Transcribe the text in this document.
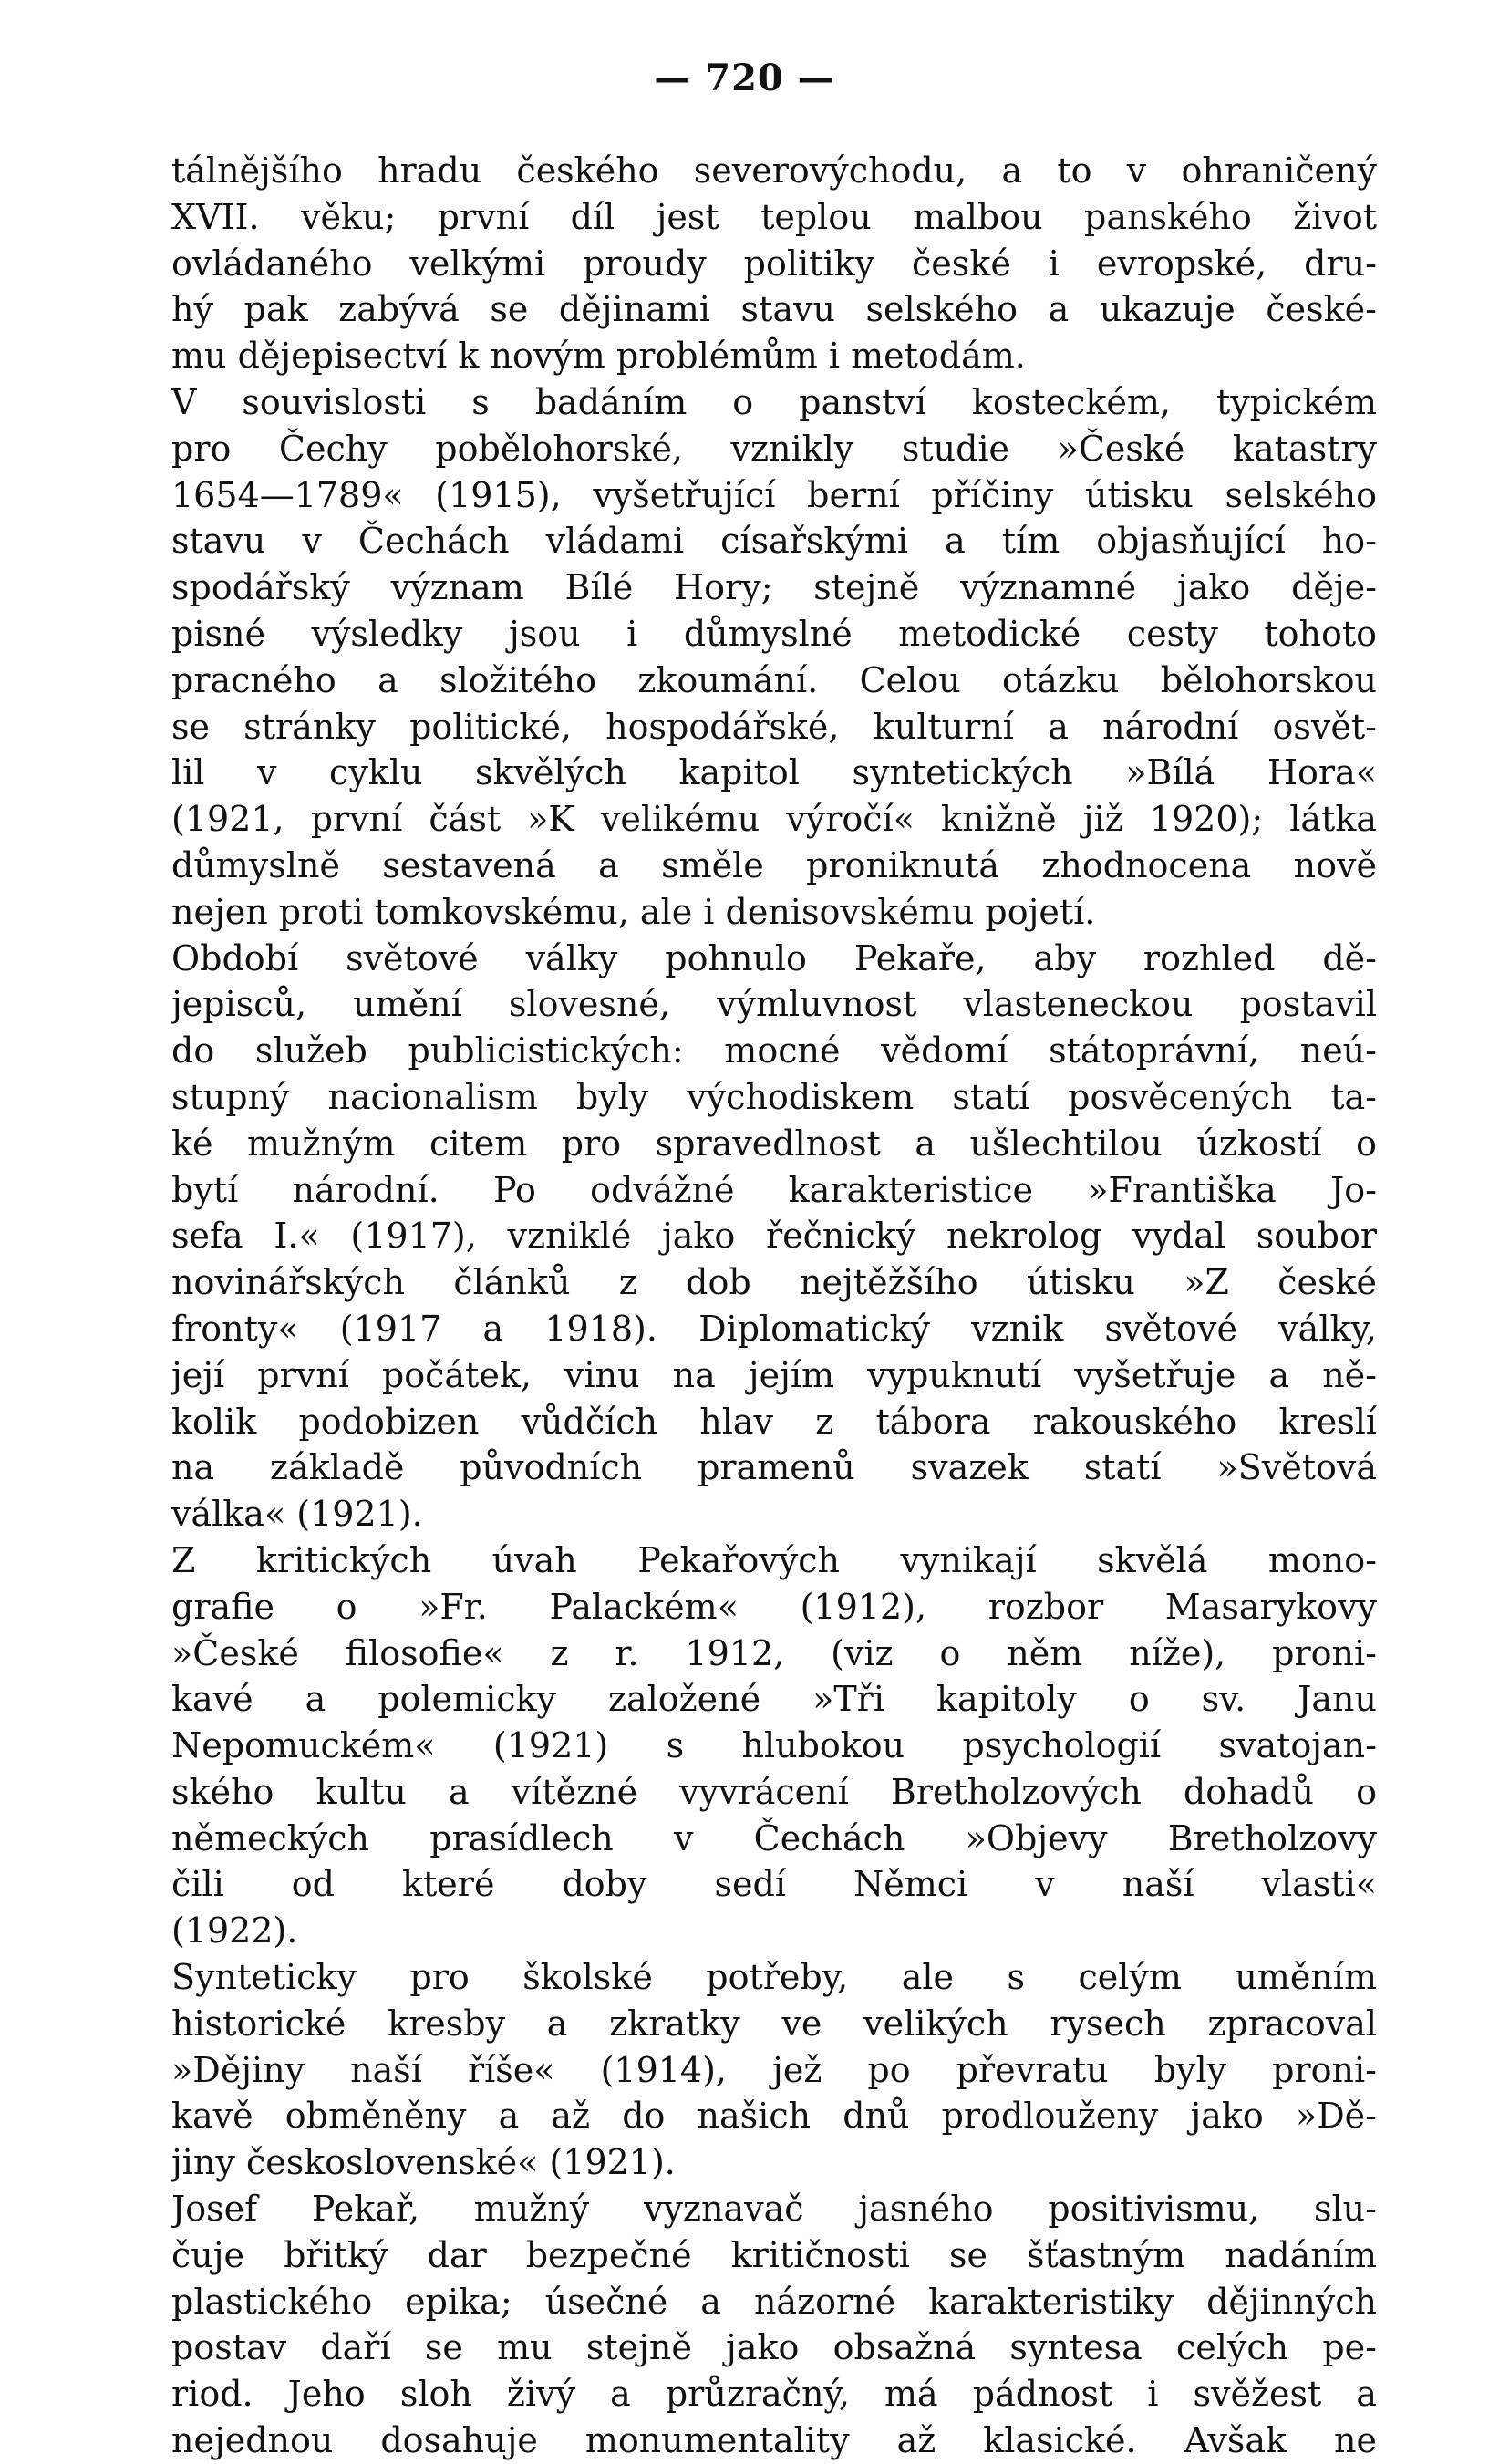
— 720 —
tálnějšího hradu českého severovýchodu, a to v ohraničený
XVII. věku; první díl jest teplou malbou panského život
ovládaného velkými proudy politiky české i evropské, dru-
hý pak zabývá se dějinami stavu selského a ukazuje české-
mu dějepisectví k novým problémům i metodám.
V souvislosti s badáním o panství kosteckém, typickém
pro Čechy pobělohorské, vznikly studie »České katastry
1654—1789« (1915), vyšetřující berní příčiny útisku selského
stavu v Čechách vládami císařskými a tím objasňující ho-
spodářský význam Bílé Hory; stejně významné jako děje-
pisné výsledky jsou i důmyslné metodické cesty tohoto
pracného a složitého zkoumání. Celou otázku bělohorskou
se stránky politické, hospodářské, kulturní a národní osvět-
lil v cyklu skvělých kapitol syntetických »Bílá Hora«
(1921, první část »K velikému výročí« knižně již 1920); látka
důmyslně sestavená a směle proniknutá zhodnocena nově
nejen proti tomkovskému, ale i denisovskému pojetí.
Období světové války pohnulo Pekaře, aby rozhled dě-
jepisců, umění slovesné, výmluvnost vlasteneckou postavil
do služeb publicistických: mocné vědomí státoprávní, neú-
stupný nacionalism byly východiskem statí posvěcených ta-
ké mužným citem pro spravedlnost a ušlechtilou úzkostí o
bytí národní. Po odvážné karakteristice »Františka Jo-
sefa I.« (1917), vzniklé jako řečnický nekrolog vydal soubor
novinářských článků z dob nejtěžšího útisku »Z české
fronty« (1917 a 1918). Diplomatický vznik světové války,
její první počátek, vinu na jejím vypuknutí vyšetřuje a ně-
kolik podobizen vůdčích hlav z tábora rakouského kreslí
na základě původních pramenů svazek statí »Světová
válka« (1921).
Z kritických úvah Pekařových vynikají skvělá mono-
grafie o »Fr. Palackém« (1912), rozbor Masarykovy
»České filosofie« z r. 1912, (viz o něm níže), proni-
kavé a polemicky založené »Tři kapitoly o sv. Janu
Nepomuckém« (1921) s hlubokou psychologií svatojan-
ského kultu a vítězné vyvrácení Bretholzových dohadů o
německých prasídlech v Čechách »Objevy Bretholzovy
čili od které doby sedí Němci v naší vlasti«
(1922).
Synteticky pro školské potřeby, ale s celým uměním
historické kresby a zkratky ve velikých rysech zpracoval
»Dějiny naší říše« (1914), jež po převratu byly proni-
kavě obměněny a až do našich dnů prodlouženy jako »Dě-
jiny československé« (1921).
Josef Pekař, mužný vyznavač jasného positivismu, slu-
čuje břitký dar bezpečné kritičnosti se šťastným nadáním
plastického epika; úsečné a názorné karakteristiky dějinných
postav daří se mu stejně jako obsažná syntesa celých pe-
riod. Jeho sloh živý a průzračný, má pádnost i svěžest a
nejednou dosahuje monumentality až klasické. Avšak ne
